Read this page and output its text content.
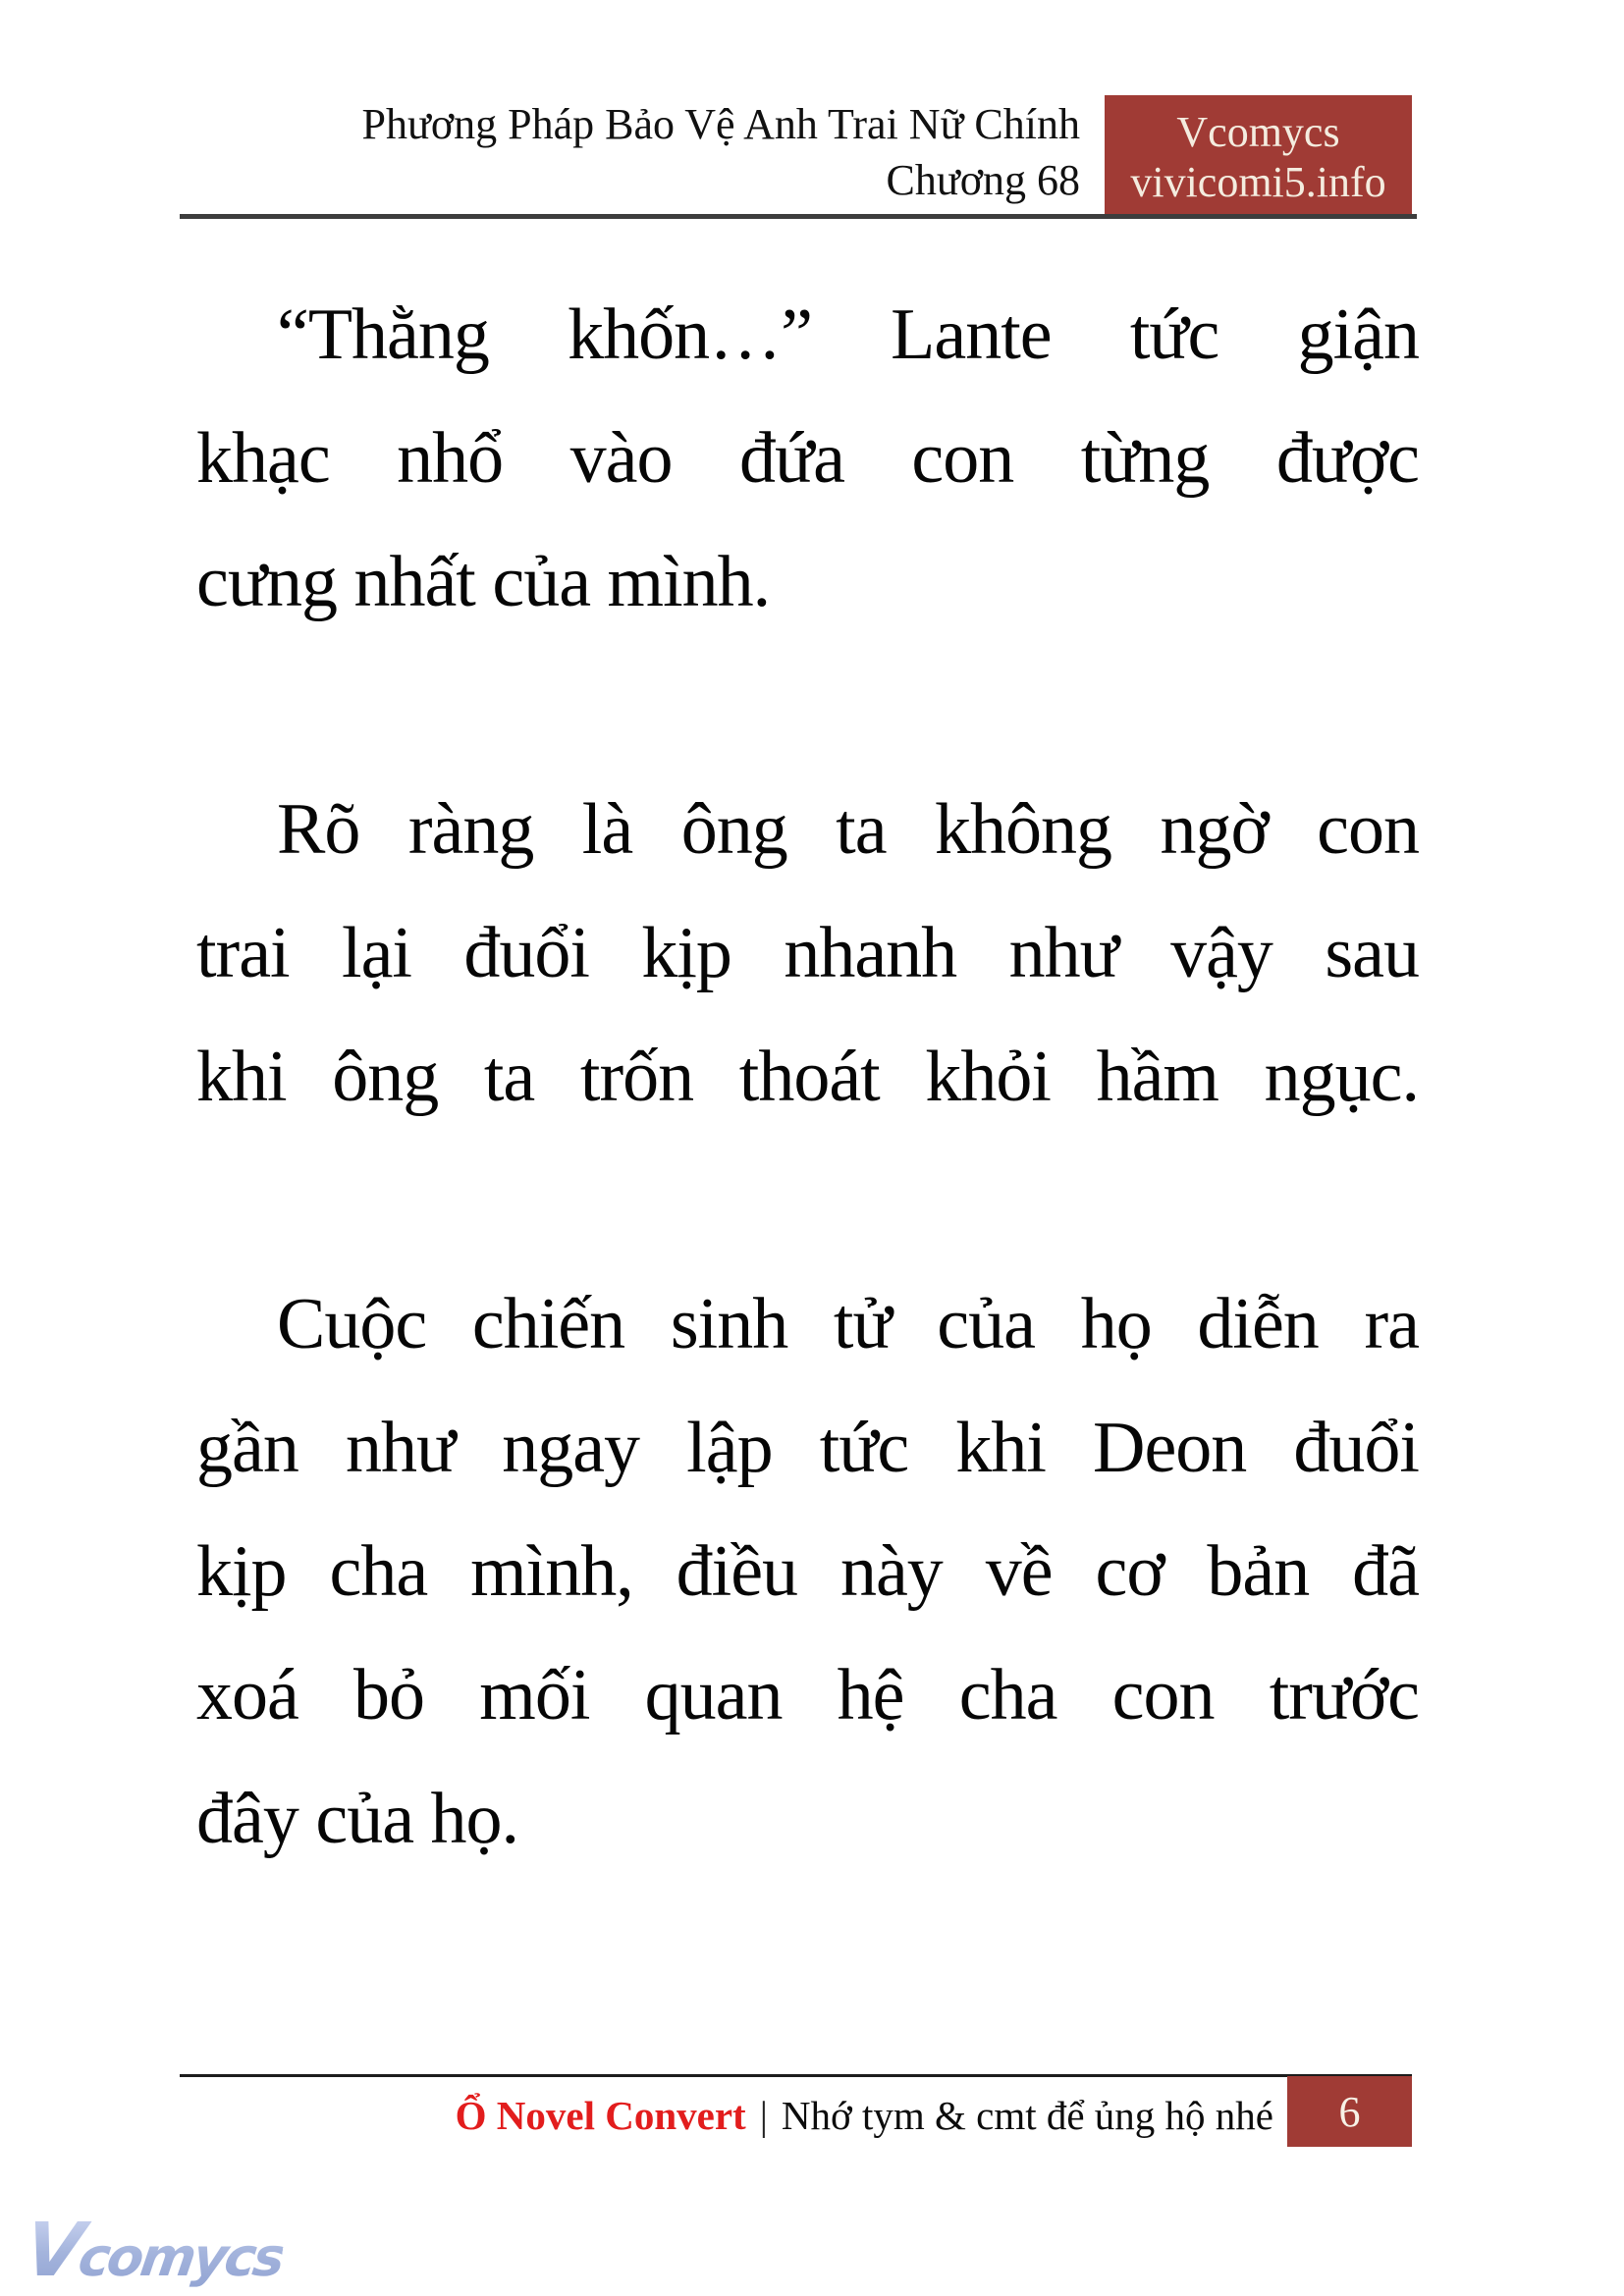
Phương Pháp Bảo Vệ Anh Trai Nữ Chính
Chương 68
Vcomycs
vivicomi5.info

“Thằng khốn…” Lante tức giận
khạc nhổ vào đứa con từng được
cưng nhất của mình.

Rõ ràng là ông ta không ngờ con
trai lại đuổi kịp nhanh như vậy sau
khi ông ta trốn thoát khỏi hầm ngục.

Cuộc chiến sinh tử của họ diễn ra
gần như ngay lập tức khi Deon đuổi
kịp cha mình, điều này về cơ bản đã
xoá bỏ mối quan hệ cha con trước
đây của họ.

Ổ Novel Convert | Nhớ tym & cmt để ủng hộ nhé 6
Vcomycs
